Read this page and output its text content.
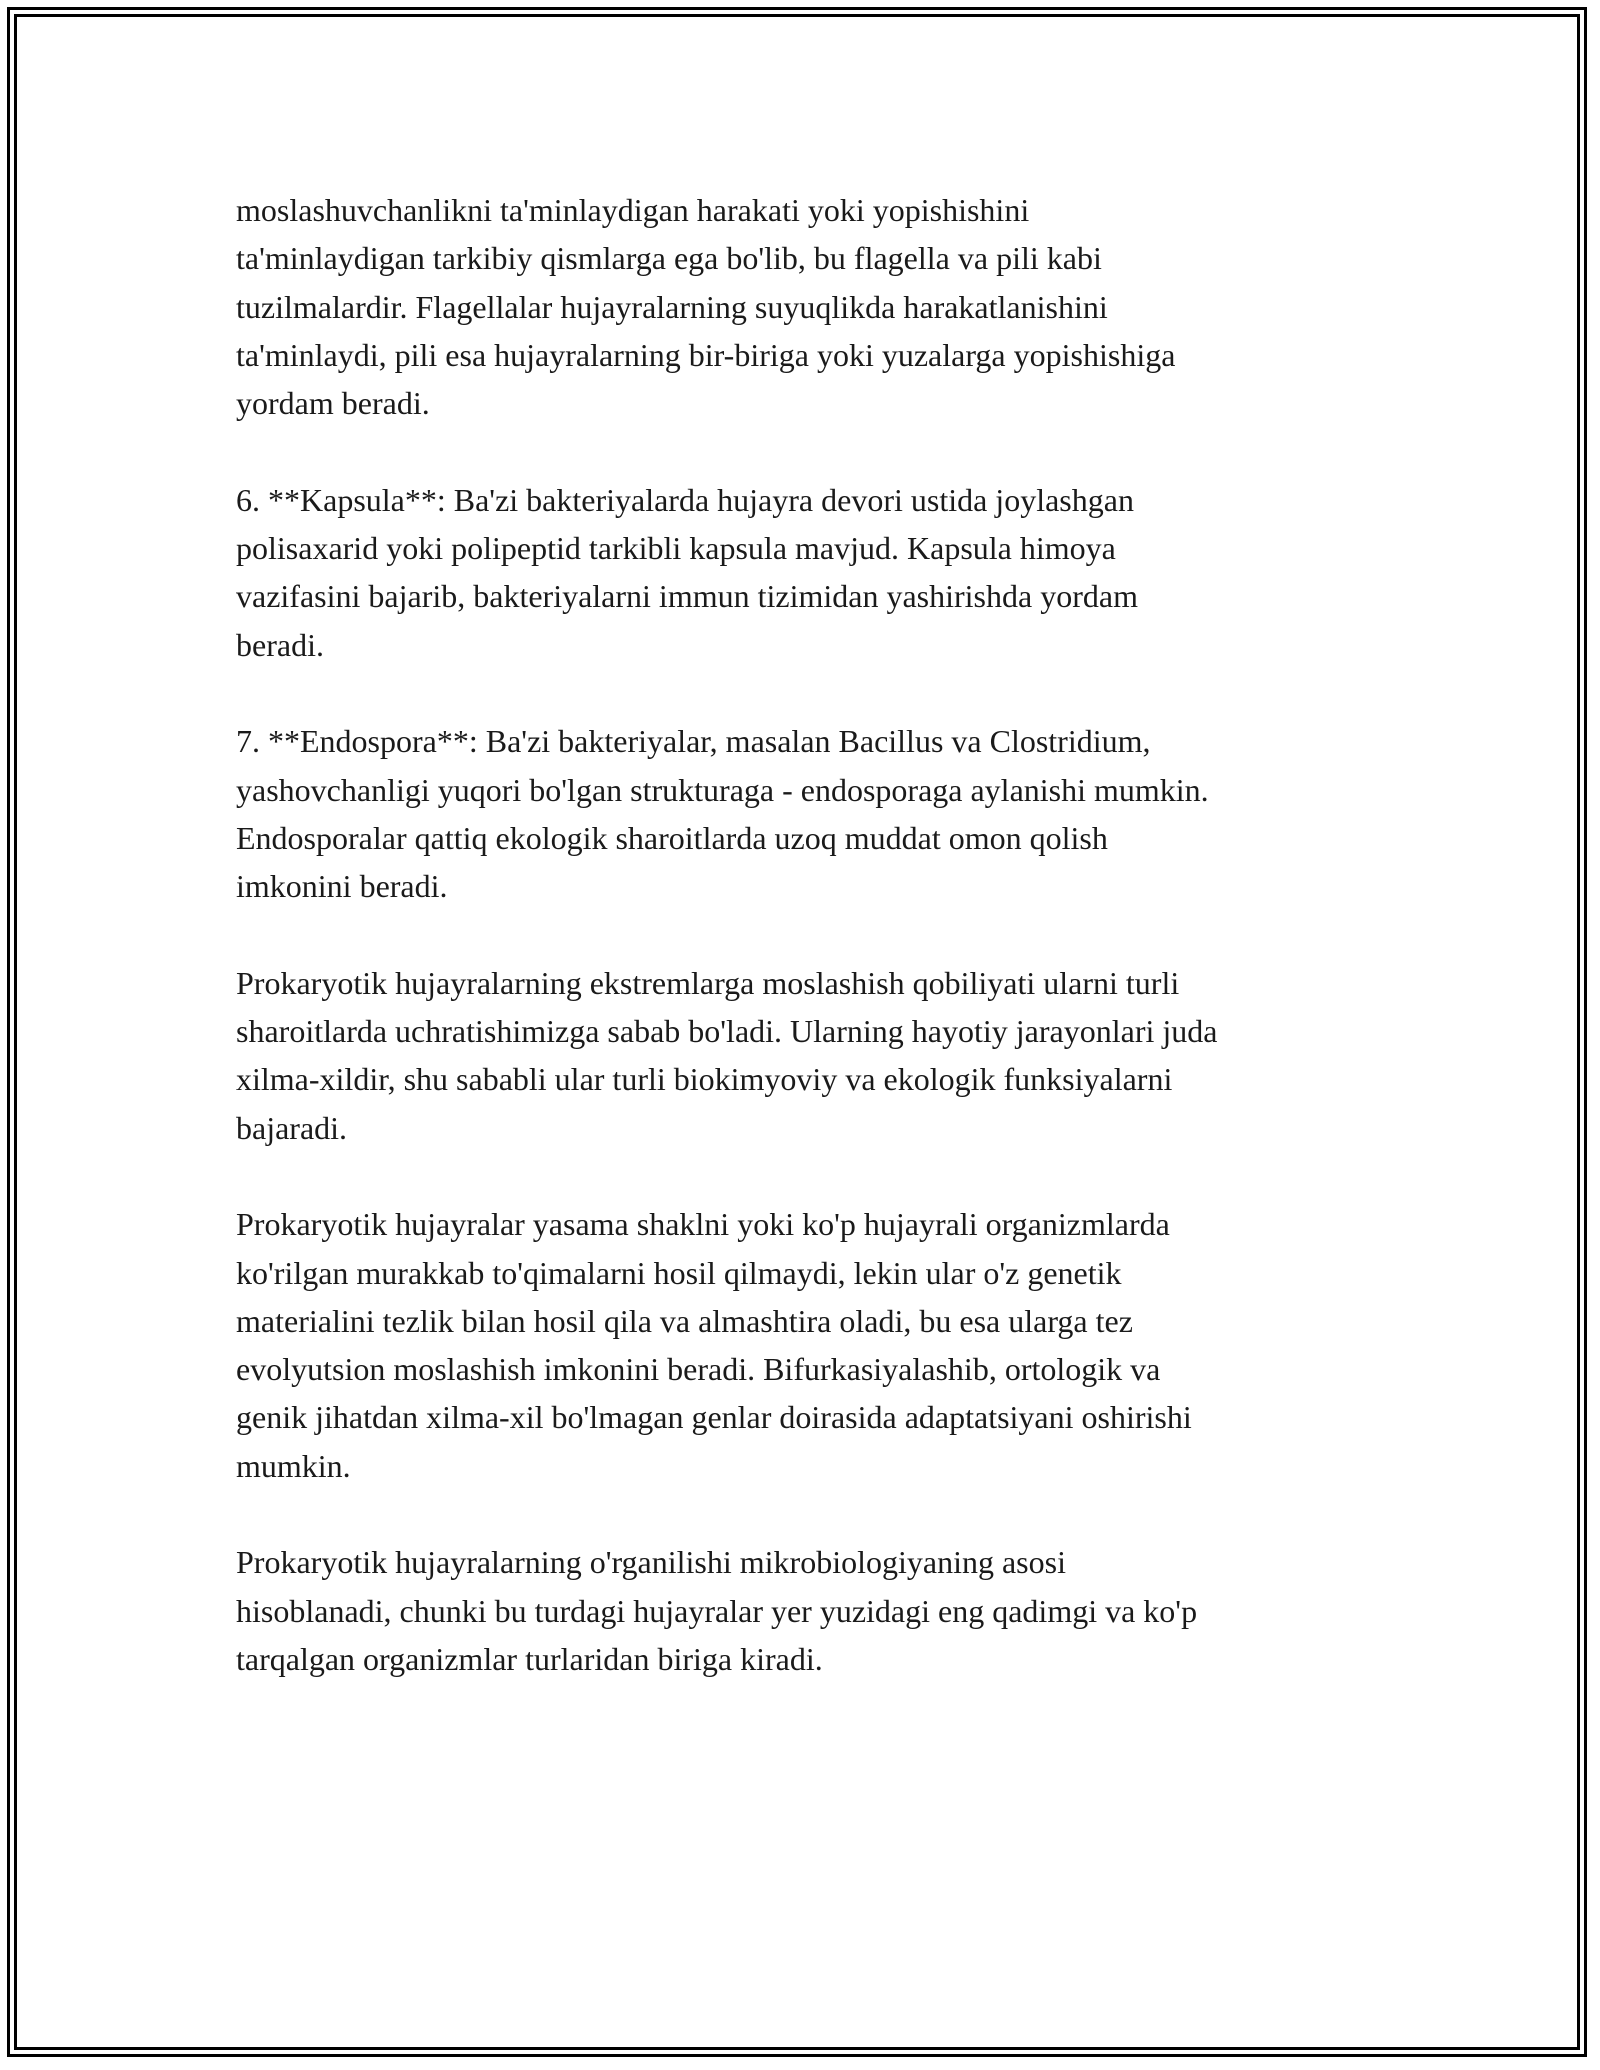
moslashuvchanlikni ta'minlaydigan harakati yoki yopishishini
ta'minlaydigan tarkibiy qismlarga ega bo'lib, bu flagella va pili kabi
tuzilmalardir. Flagellalar hujayralarning suyuqlikda harakatlanishini
ta'minlaydi, pili esa hujayralarning bir-biriga yoki yuzalarga yopishishiga
yordam beradi.

6. **Kapsula**: Ba'zi bakteriyalarda hujayra devori ustida joylashgan
polisaxarid yoki polipeptid tarkibli kapsula mavjud. Kapsula himoya
vazifasini bajarib, bakteriyalarni immun tizimidan yashirishda yordam
beradi.

7. **Endospora**: Ba'zi bakteriyalar, masalan Bacillus va Clostridium,
yashovchanligi yuqori bo'lgan strukturaga - endosporaga aylanishi mumkin.
Endosporalar qattiq ekologik sharoitlarda uzoq muddat omon qolish
imkonini beradi.

Prokaryotik hujayralarning ekstremlarga moslashish qobiliyati ularni turli
sharoitlarda uchratishimizga sabab bo'ladi. Ularning hayotiy jarayonlari juda
xilma-xildir, shu sababli ular turli biokimyoviy va ekologik funksiyalarni
bajaradi.

Prokaryotik hujayralar yasama shaklni yoki ko'p hujayrali organizmlarda
ko'rilgan murakkab to'qimalarni hosil qilmaydi, lekin ular o'z genetik
materialini tezlik bilan hosil qila va almashtira oladi, bu esa ularga tez
evolyutsion moslashish imkonini beradi. Bifurkasiyalashib, ortologik va
genik jihatdan xilma-xil bo'lmagan genlar doirasida adaptatsiyani oshirishi
mumkin.

Prokaryotik hujayralarning o'rganilishi mikrobiologiyaning asosi
hisoblanadi, chunki bu turdagi hujayralar yer yuzidagi eng qadimgi va ko'p
tarqalgan organizmlar turlaridan biriga kiradi.
